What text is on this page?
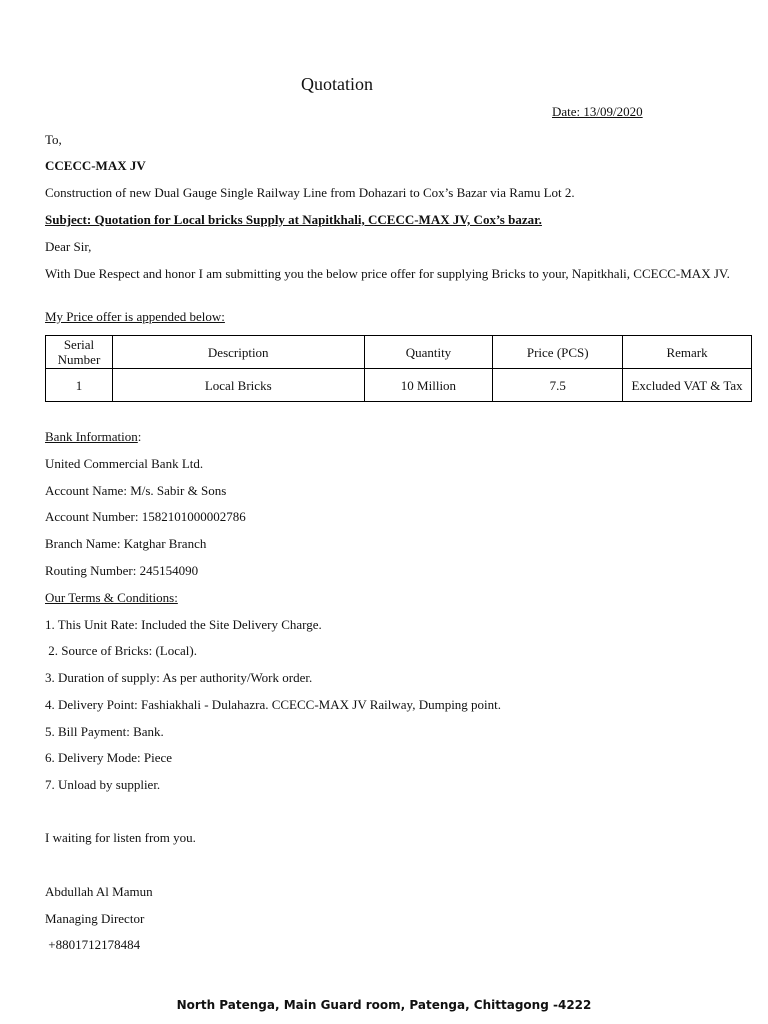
Quotation
Date: 13/09/2020
To,
CCECC-MAX JV
Construction of new Dual Gauge Single Railway Line from Dohazari to Cox’s Bazar via Ramu Lot 2.
Subject: Quotation for Local bricks Supply at Napitkhali, CCECC-MAX JV, Cox’s bazar.
Dear Sir,
With Due Respect and honor I am submitting you the below price offer for supplying Bricks to your, Napitkhali, CCECC-MAX JV.
My Price offer is appended below:
Serial Number	Description	Quantity	Price (PCS)	Remark
1	Local Bricks	10 Million	7.5	Excluded VAT & Tax
Bank Information:
United Commercial Bank Ltd.
Account Name: M/s. Sabir & Sons
Account Number: 1582101000002786
Branch Name: Katghar Branch
Routing Number: 245154090
Our Terms & Conditions:
1. This Unit Rate: Included the Site Delivery Charge.
2. Source of Bricks: (Local).
3. Duration of supply: As per authority/Work order.
4. Delivery Point: Fashiakhali - Dulahazra. CCECC-MAX JV Railway, Dumping point.
5. Bill Payment: Bank.
6. Delivery Mode: Piece
7. Unload by supplier.
I waiting for listen from you.
Abdullah Al Mamun
Managing Director
+8801712178484
North Patenga, Main Guard room, Patenga, Chittagong -4222
